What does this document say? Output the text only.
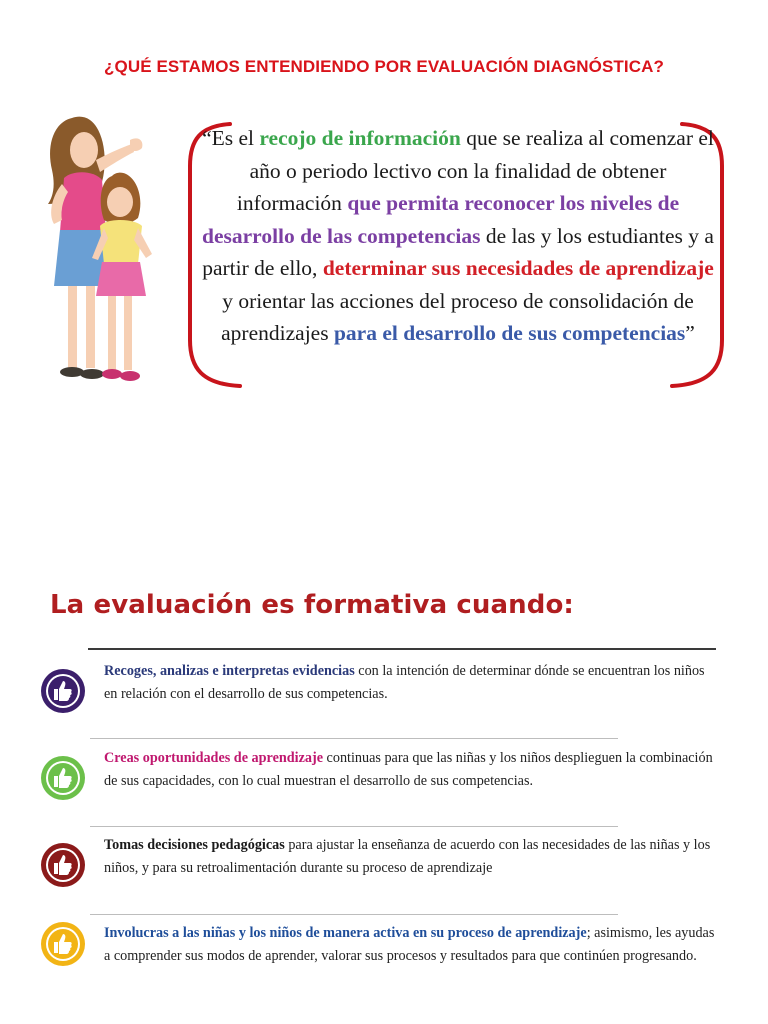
¿QUÉ ESTAMOS ENTENDIENDO POR EVALUACIÓN DIAGNÓSTICA?
“Es el recojo de información que se realiza al comenzar el año o periodo lectivo con la finalidad de obtener información que permita reconocer los niveles de desarrollo de las competencias de las y los estudiantes y a partir de ello, determinar sus necesidades de aprendizaje y orientar las acciones del proceso de consolidación de aprendizajes para el desarrollo de sus competencias”
La evaluación es formativa cuando:
Recoges, analizas e interpretas evidencias con la intención de determinar dónde se encuentran los niños en relación con el desarrollo de sus competencias.
Creas oportunidades de aprendizaje continuas para que las niñas y los niños desplieguen la combinación de sus capacidades, con lo cual muestran el desarrollo de sus competencias.
Tomas decisiones pedagógicas para ajustar la enseñanza de acuerdo con las necesidades de las niñas y los niños, y para su retroalimentación durante su proceso de aprendizaje
Involucras a las niñas y los niños de manera activa en su proceso de aprendizaje; asimismo, les ayudas a comprender sus modos de aprender, valorar sus procesos y resultados para que continúen progresando.
